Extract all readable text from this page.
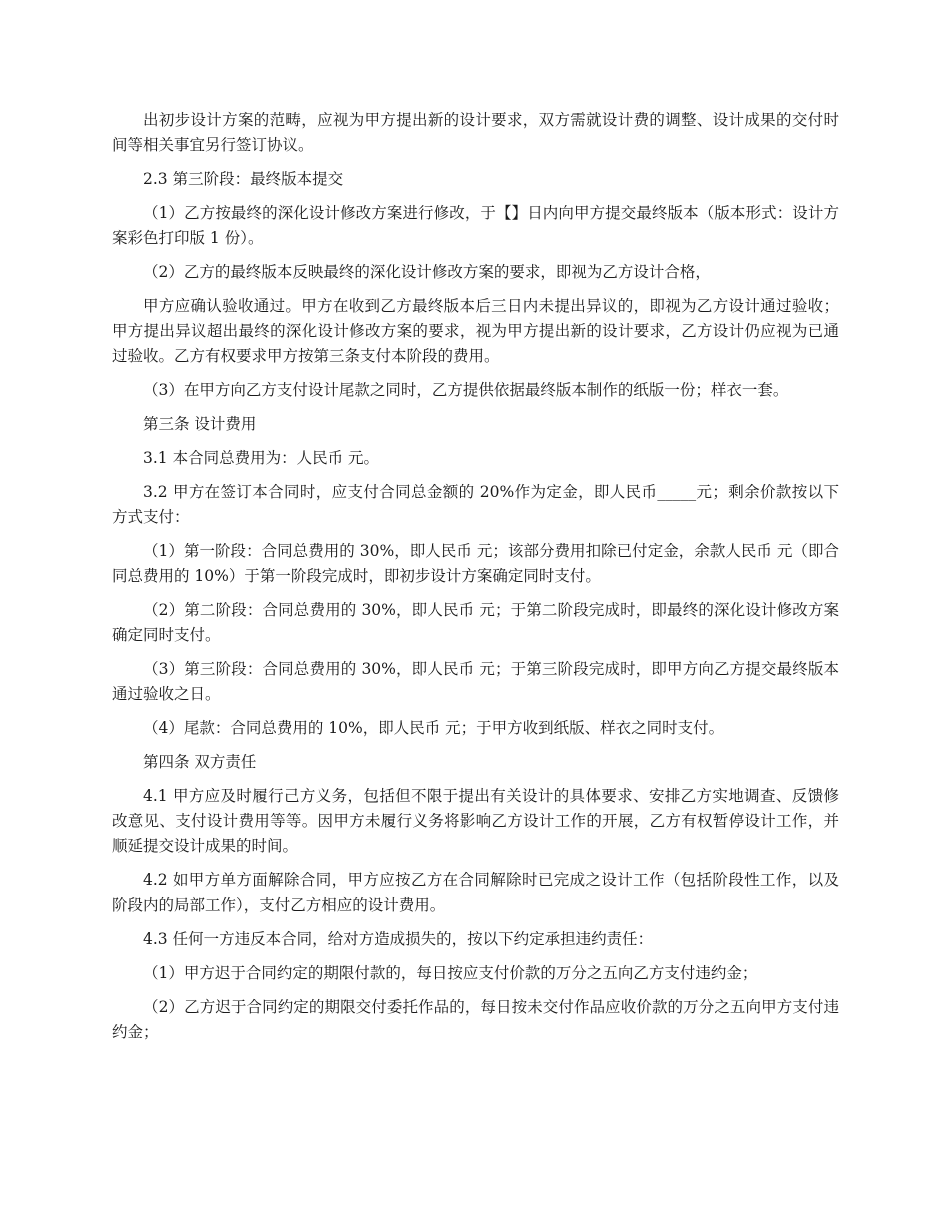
出初步设计方案的范畴，应视为甲方提出新的设计要求，双方需就设计费的调整、设计成果的交付时间等相关事宜另行签订协议。

2.3 第三阶段：最终版本提交

（1）乙方按最终的深化设计修改方案进行修改，于【】日内向甲方提交最终版本（版本形式：设计方案彩色打印版 1 份）。

（2）乙方的最终版本反映最终的深化设计修改方案的要求，即视为乙方设计合格，

甲方应确认验收通过。甲方在收到乙方最终版本后三日内未提出异议的，即视为乙方设计通过验收；甲方提出异议超出最终的深化设计修改方案的要求，视为甲方提出新的设计要求，乙方设计仍应视为已通过验收。乙方有权要求甲方按第三条支付本阶段的费用。

（3）在甲方向乙方支付设计尾款之同时，乙方提供依据最终版本制作的纸版一份；样衣一套。

第三条 设计费用

3.1 本合同总费用为：人民币 元。

3.2 甲方在签订本合同时，应支付合同总金额的 20%作为定金，即人民币_____元；剩余价款按以下方式支付：

（1）第一阶段：合同总费用的 30%，即人民币 元；该部分费用扣除已付定金，余款人民币 元（即合同总费用的 10%）于第一阶段完成时，即初步设计方案确定同时支付。

（2）第二阶段：合同总费用的 30%，即人民币 元；于第二阶段完成时，即最终的深化设计修改方案确定同时支付。

（3）第三阶段：合同总费用的 30%，即人民币 元；于第三阶段完成时，即甲方向乙方提交最终版本通过验收之日。

（4）尾款：合同总费用的 10%，即人民币 元；于甲方收到纸版、样衣之同时支付。

第四条 双方责任

4.1 甲方应及时履行己方义务，包括但不限于提出有关设计的具体要求、安排乙方实地调查、反馈修改意见、支付设计费用等等。因甲方未履行义务将影响乙方设计工作的开展，乙方有权暂停设计工作，并顺延提交设计成果的时间。

4.2 如甲方单方面解除合同，甲方应按乙方在合同解除时已完成之设计工作（包括阶段性工作，以及阶段内的局部工作），支付乙方相应的设计费用。

4.3 任何一方违反本合同，给对方造成损失的，按以下约定承担违约责任：

（1）甲方迟于合同约定的期限付款的，每日按应支付价款的万分之五向乙方支付违约金；

（2）乙方迟于合同约定的期限交付委托作品的，每日按未交付作品应收价款的万分之五向甲方支付违约金；
